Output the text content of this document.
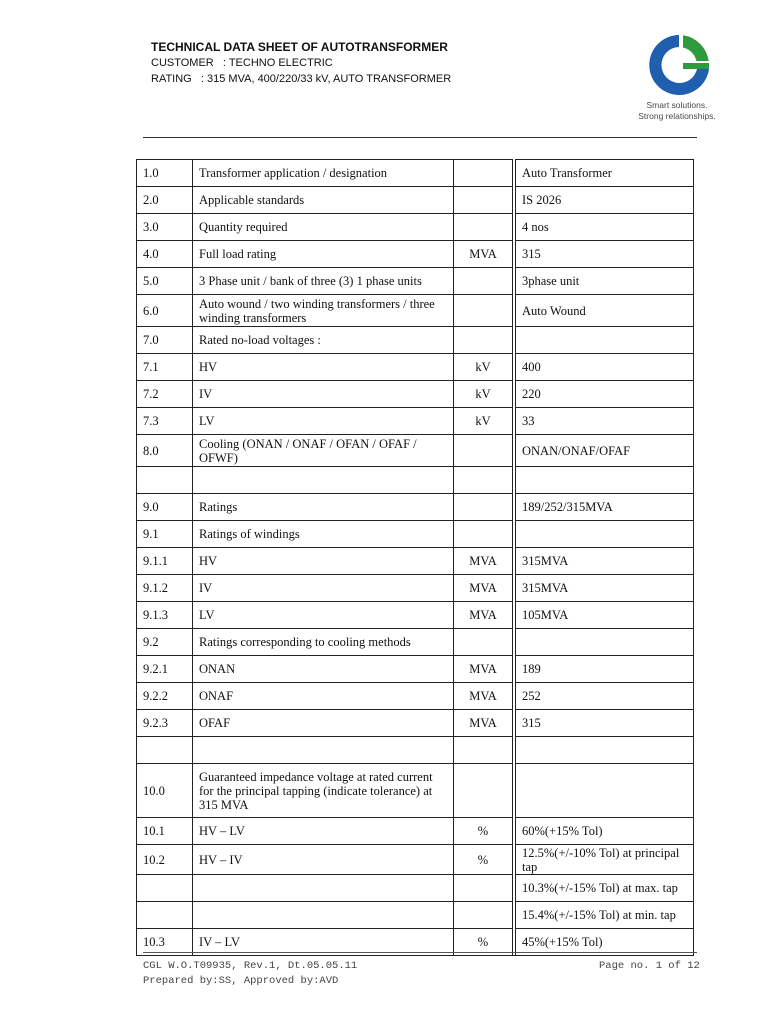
TECHNICAL DATA SHEET OF AUTOTRANSFORMER
CUSTOMER   : TECHNO ELECTRIC
RATING   : 315 MVA, 400/220/33 kV, AUTO TRANSFORMER
Smart solutions.
Strong relationships.
1.0	Transformer application / designation			Auto Transformer
2.0	Applicable standards			IS 2026
3.0	Quantity required			4 nos
4.0	Full load rating	MVA		315
5.0	3 Phase unit / bank of three (3) 1 phase units			3phase unit
6.0	Auto wound / two winding transformers / three winding transformers			Auto Wound
7.0	Rated no-load voltages :			
7.1	HV	kV		400
7.2	IV	kV		220
7.3	LV	kV		33
8.0	Cooling (ONAN / ONAF / OFAN / OFAF / OFWF)			ONAN/ONAF/OFAF

9.0	Ratings			189/252/315MVA
9.1	Ratings of windings			
9.1.1	HV	MVA		315MVA
9.1.2	IV	MVA		315MVA
9.1.3	LV	MVA		105MVA
9.2	Ratings corresponding to cooling methods			
9.2.1	ONAN	MVA		189
9.2.2	ONAF	MVA		252
9.2.3	OFAF	MVA		315

10.0	Guaranteed impedance voltage at rated current for the principal tapping (indicate tolerance) at 315 MVA			
10.1	HV – LV	%		60%(+15% Tol)
10.2	HV – IV	%		12.5%(+/-10% Tol) at principal tap
				10.3%(+/-15% Tol) at max. tap
				15.4%(+/-15% Tol) at min. tap
10.3	IV – LV	%		45%(+15% Tol)
CGL W.O.T09935, Rev.1, Dt.05.05.11
Prepared by:SS, Approved by:AVD
Page no. 1 of 12
